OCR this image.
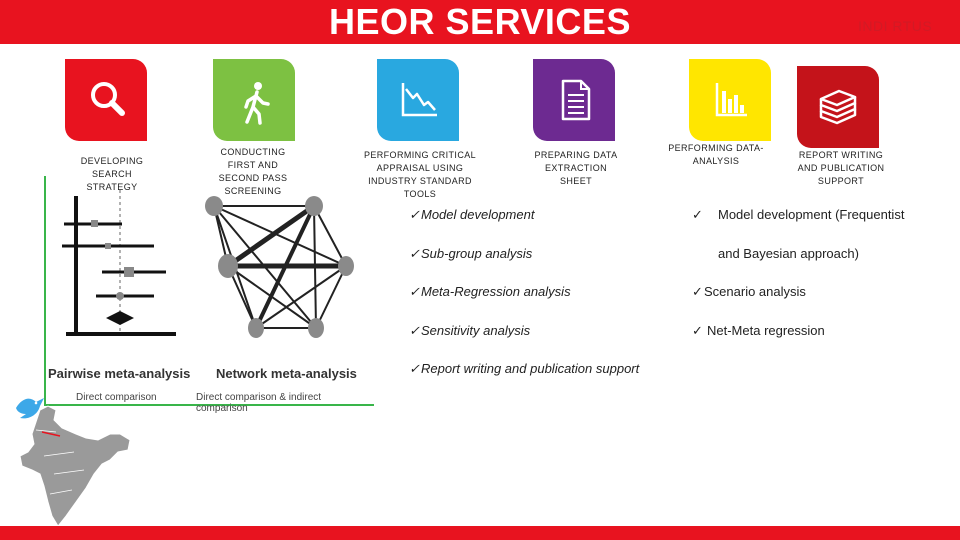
HEOR SERVICES	INDI RTUS
DEVELOPING SEARCH STRATEGY
CONDUCTING FIRST AND SECOND PASS SCREENING
PERFORMING CRITICAL APPRAISAL USING INDUSTRY STANDARD TOOLS
PREPARING DATA EXTRACTION SHEET
PERFORMING DATA-ANALYSIS
REPORT WRITING AND PUBLICATION SUPPORT
Pairwise meta-analysis
Direct comparison
Network meta-analysis
Direct comparison & indirect comparison
✓Model development
✓Sub-group analysis
✓Meta-Regression analysis
✓Sensitivity analysis
✓Report writing and publication support
✓ Model development (Frequentist
and Bayesian approach)
✓Scenario analysis
✓ Net-Meta regression
